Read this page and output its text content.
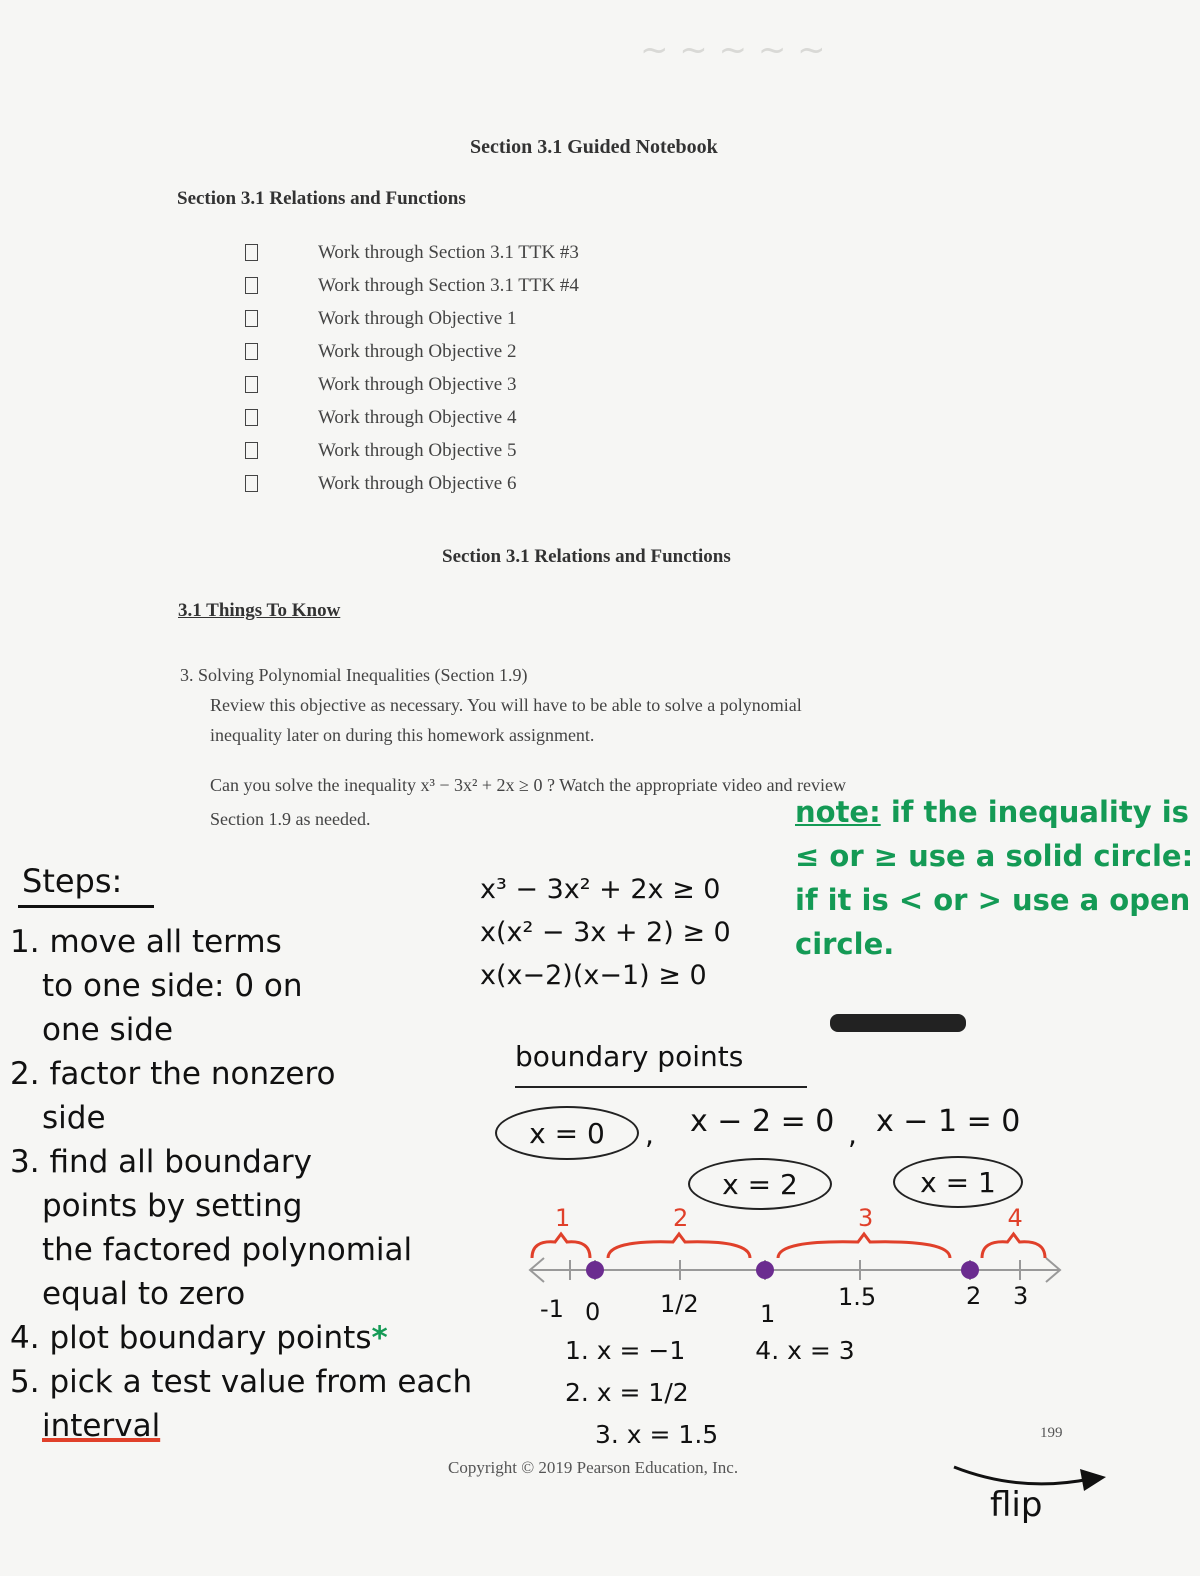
~ ~ ~ ~ ~
Section 3.1 Guided Notebook
Section 3.1 Relations and Functions
Work through Section 3.1 TTK #3
Work through Section 3.1 TTK #4
Work through Objective 1
Work through Objective 2
Work through Objective 3
Work through Objective 4
Work through Objective 5
Work through Objective 6
Section 3.1 Relations and Functions
3.1 Things To Know
3. Solving Polynomial Inequalities (Section 1.9)
Review this objective as necessary. You will have to be able to solve a polynomial
inequality later on during this homework assignment.
Can you solve the inequality x³ − 3x² + 2x ≥ 0 ? Watch the appropriate video and review
Section 1.9 as needed.
Steps:
1. move all terms
to one side: 0 on
one side
2. factor the nonzero
side
3. find all boundary
points by setting
the factored polynomial
equal to zero
4. plot boundary points*
5. pick a test value from each
interval
x³ − 3x² + 2x ≥ 0
x(x² − 3x + 2) ≥ 0
x(x−2)(x−1) ≥ 0
boundary points
x = 0	, x − 2 = 0 , x − 1 = 0
x = 2	x = 1
note: if the inequality is ≤ or ≥ use a solid circle: if it is < or > use a open circle.
1	2	3	4
-1 0 1/2	1
1.5	2 3
1. x = −1	4. x = 3
2. x = 1/2
3. x = 1.5	199
Copyright © 2019 Pearson Education, Inc.
flip
